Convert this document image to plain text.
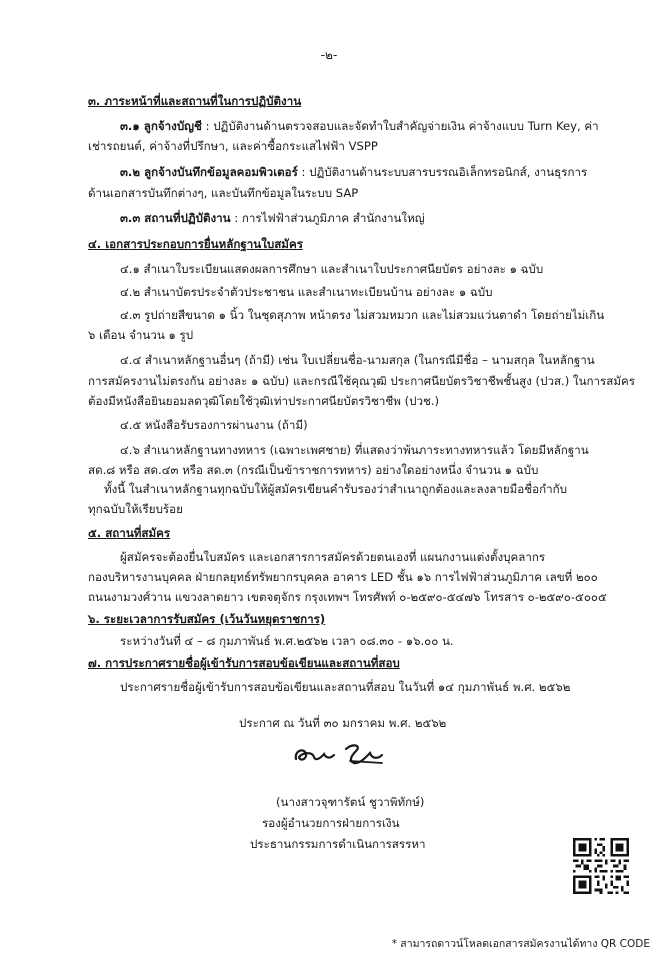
-๒-
๓. ภาระหน้าที่และสถานที่ในการปฏิบัติงาน
๓.๑ ลูกจ้างบัญชี : ปฏิบัติงานด้านตรวจสอบและจัดทำใบสำคัญจ่ายเงิน ค่าจ้างแบบ Turn Key, ค่า
เช่ารถยนต์, ค่าจ้างที่ปรึกษา, และค่าซื้อกระแสไฟฟ้า VSPP
๓.๒ ลูกจ้างบันทึกข้อมูลคอมพิวเตอร์ : ปฏิบัติงานด้านระบบสารบรรณอิเล็กทรอนิกส์, งานธุรการ
ด้านเอกสารบันทึกต่างๆ, และบันทึกข้อมูลในระบบ SAP
๓.๓ สถานที่ปฏิบัติงาน : การไฟฟ้าส่วนภูมิภาค สำนักงานใหญ่
๔. เอกสารประกอบการยื่นหลักฐานใบสมัคร
๔.๑ สำเนาใบระเบียนแสดงผลการศึกษา และสำเนาใบประกาศนียบัตร อย่างละ ๑ ฉบับ
๔.๒ สำเนาบัตรประจำตัวประชาชน และสำเนาทะเบียนบ้าน อย่างละ ๑ ฉบับ
๔.๓ รูปถ่ายสีขนาด ๑ นิ้ว ในชุดสุภาพ หน้าตรง ไม่สวมหมวก และไม่สวมแว่นตาดำ โดยถ่ายไม่เกิน
๖ เดือน จำนวน ๑ รูป
๔.๔ สำเนาหลักฐานอื่นๆ (ถ้ามี) เช่น ใบเปลี่ยนชื่อ-นามสกุล (ในกรณีมีชื่อ – นามสกุล ในหลักฐาน
การสมัครงานไม่ตรงกัน อย่างละ ๑ ฉบับ) และกรณีใช้คุณวุฒิ ประกาศนียบัตรวิชาชีพชั้นสูง (ปวส.) ในการสมัคร
ต้องมีหนังสือยินยอมลดวุฒิโดยใช้วุฒิเท่าประกาศนียบัตรวิชาชีพ (ปวช.)
๔.๕ หนังสือรับรองการผ่านงาน (ถ้ามี)
๔.๖ สำเนาหลักฐานทางทหาร (เฉพาะเพศชาย) ที่แสดงว่าพ้นภาระทางทหารแล้ว โดยมีหลักฐาน
สด.๘ หรือ สด.๔๓ หรือ สด.๓ (กรณีเป็นข้าราชการทหาร) อย่างใดอย่างหนึ่ง จำนวน ๑ ฉบับ
ทั้งนี้ ในสำเนาหลักฐานทุกฉบับให้ผู้สมัครเขียนคำรับรองว่าสำเนาถูกต้องและลงลายมือชื่อกำกับ
ทุกฉบับให้เรียบร้อย
๕. สถานที่สมัคร
ผู้สมัครจะต้องยื่นใบสมัคร และเอกสารการสมัครด้วยตนเองที่ แผนกงานแต่งตั้งบุคลากร
กองบริหารงานบุคคล ฝ่ายกลยุทธ์ทรัพยากรบุคคล อาคาร LED ชั้น ๑๖ การไฟฟ้าส่วนภูมิภาค เลขที่ ๒๐๐
ถนนงามวงศ์วาน แขวงลาดยาว เขตจตุจักร กรุงเทพฯ โทรศัพท์ ๐-๒๕๙๐-๕๔๗๖ โทรสาร ๐-๒๕๙๐-๕๐๐๕
๖. ระยะเวลาการรับสมัคร (เว้นวันหยุดราชการ)
ระหว่างวันที่ ๔ – ๘ กุมภาพันธ์ พ.ศ.๒๕๖๒ เวลา ๐๘.๓๐ - ๑๖.๐๐ น.
๗. การประกาศรายชื่อผู้เข้ารับการสอบข้อเขียนและสถานที่สอบ
ประกาศรายชื่อผู้เข้ารับการสอบข้อเขียนและสถานที่สอบ ในวันที่ ๑๔ กุมภาพันธ์ พ.ศ. ๒๕๖๒
ประกาศ ณ วันที่ ๓๐ มกราคม พ.ศ. ๒๕๖๒
(นางสาวจุฑารัตน์ ชูวาพิทักษ์)
รองผู้อำนวยการฝ่ายการเงิน
ประธานกรรมการดำเนินการสรรหา
* สามารถดาวน์โหลดเอกสารสมัครงานได้ทาง QR CODE
